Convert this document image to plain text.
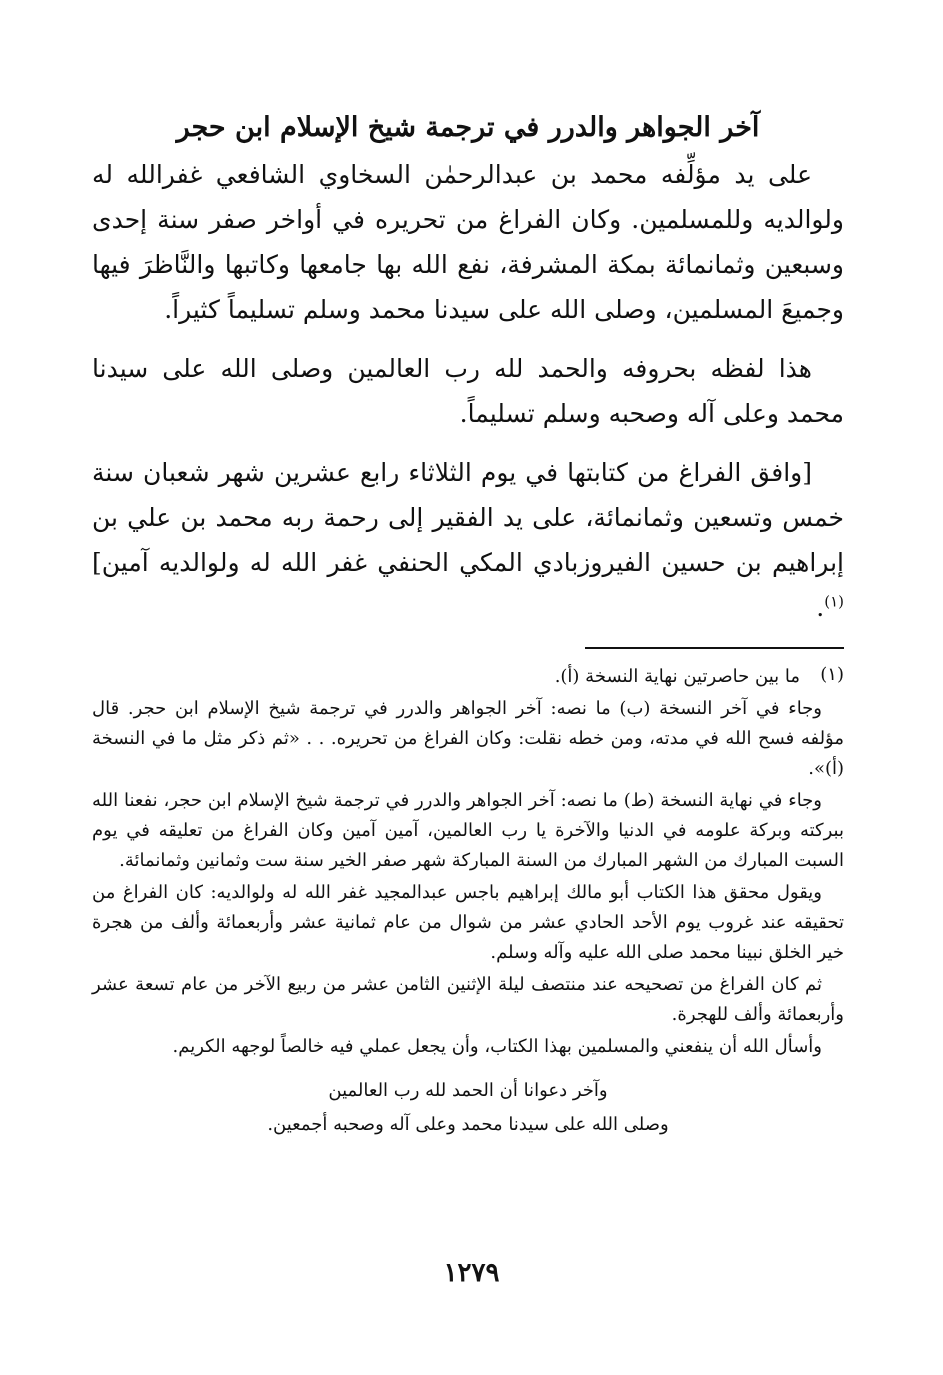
آخر الجواهر والدرر في ترجمة شيخ الإسلام ابن حجر

على يد مؤلِّفه محمد بن عبدالرحمٰن السخاوي الشافعي غفرالله له ولوالديه وللمسلمين. وكان الفراغ من تحريره في أواخر صفر سنة إحدى وسبعين وثمانمائة بمكة المشرفة، نفع الله بها جامعها وكاتبها والنَّاظرَ فيها وجميعَ المسلمين، وصلى الله على سيدنا محمد وسلم تسليماً كثيراً.

هذا لفظه بحروفه والحمد لله رب العالمين وصلى الله على سيدنا محمد وعلى آله وصحبه وسلم تسليماً.

[وافق الفراغ من كتابتها في يوم الثلاثاء رابع عشرين شهر شعبان سنة خمس وتسعين وثمانمائة، على يد الفقير إلى رحمة ربه محمد بن علي بن إبراهيم بن حسين الفيروزبادي المكي الحنفي غفر الله له ولوالديه آمين]$^{(١)}$.

(١)

ما بين حاصرتين نهاية النسخة (أ).

وجاء في آخر النسخة (ب) ما نصه: آخر الجواهر والدرر في ترجمة شيخ الإسلام ابن حجر. قال مؤلفه فسح الله في مدته، ومن خطه نقلت: وكان الفراغ من تحريره. . . «ثم ذكر مثل ما في النسخة (أ)».

وجاء في نهاية النسخة (ط) ما نصه: آخر الجواهر والدرر في ترجمة شيخ الإسلام ابن حجر، نفعنا الله ببركته وبركة علومه في الدنيا والآخرة يا رب العالمين، آمين آمين وكان الفراغ من تعليقه في يوم السبت المبارك من الشهر المبارك من السنة المباركة شهر صفر الخير سنة ست وثمانين وثمانمائة.

ويقول محقق هذا الكتاب أبو مالك إبراهيم باجس عبدالمجيد غفر الله له ولوالديه: كان الفراغ من تحقيقه عند غروب يوم الأحد الحادي عشر من شوال من عام ثمانية عشر وأربعمائة وألف من هجرة خير الخلق نبينا محمد صلى الله عليه وآله وسلم.

ثم كان الفراغ من تصحيحه عند منتصف ليلة الإثنين الثامن عشر من ربيع الآخر من عام تسعة عشر وأربعمائة وألف للهجرة.

وأسأل الله أن ينفعني والمسلمين بهذا الكتاب، وأن يجعل عملي فيه خالصاً لوجهه الكريم.

وآخر دعوانا أن الحمد لله رب العالمين
وصلى الله على سيدنا محمد وعلى آله وصحبه أجمعين.
١٢٧٩
